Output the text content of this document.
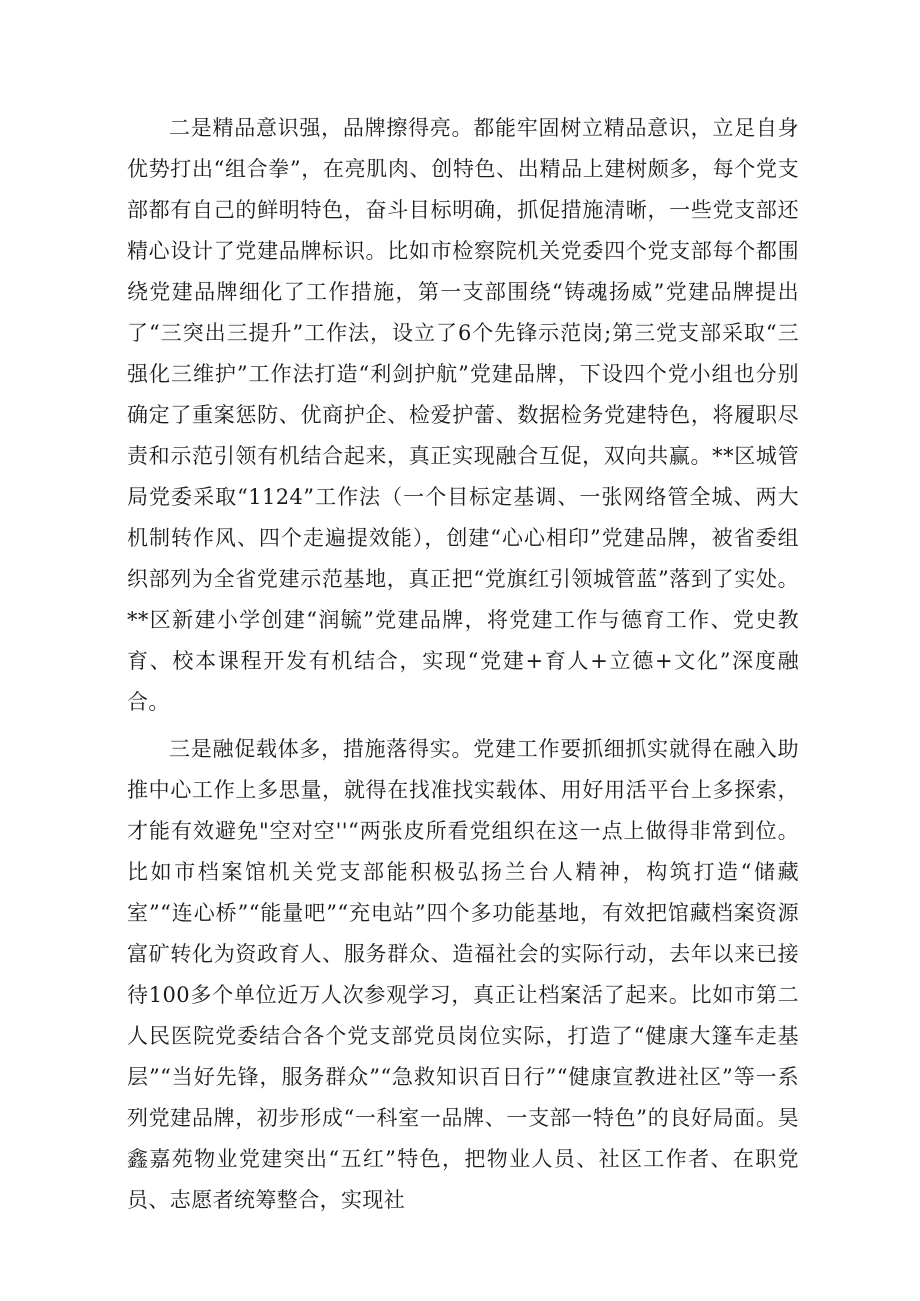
二是精品意识强，品牌擦得亮。都能牢固树立精品意识，立足自身优势打出“组合拳”，在亮肌肉、创特色、出精品上建树颇多，每个党支部都有自己的鲜明特色，奋斗目标明确，抓促措施清晰，一些党支部还精心设计了党建品牌标识。比如市检察院机关党委四个党支部每个都围绕党建品牌细化了工作措施，第一支部围绕“铸魂扬威”党建品牌提出了“三突出三提升”工作法，设立了6个先锋示范岗;第三党支部采取“三强化三维护”工作法打造“利剑护航”党建品牌，下设四个党小组也分别确定了重案惩防、优商护企、检爱护蕾、数据检务党建特色，将履职尽责和示范引领有机结合起来，真正实现融合互促，双向共赢。**区城管局党委采取“1124”工作法（一个目标定基调、一张网络管全城、两大机制转作风、四个走遍提效能），创建“心心相印”党建品牌，被省委组织部列为全省党建示范基地，真正把“党旗红引领城管蓝”落到了实处。**区新建小学创建“润毓”党建品牌，将党建工作与德育工作、党史教育、校本课程开发有机结合，实现“党建+育人+立德+文化”深度融合。

三是融促载体多，措施落得实。党建工作要抓细抓实就得在融入助推中心工作上多思量，就得在找准找实载体、用好用活平台上多探索，才能有效避免"空对空''“两张皮所看党组织在这一点上做得非常到位。比如市档案馆机关党支部能积极弘扬兰台人精神，构筑打造“储藏室”“连心桥”“能量吧”“充电站”四个多功能基地，有效把馆藏档案资源富矿转化为资政育人、服务群众、造福社会的实际行动，去年以来已接待100多个单位近万人次参观学习，真正让档案活了起来。比如市第二人民医院党委结合各个党支部党员岗位实际，打造了“健康大篷车走基层”“当好先锋，服务群众”“急救知识百日行”“健康宣教进社区”等一系列党建品牌，初步形成“一科室一品牌、一支部一特色”的良好局面。昊鑫嘉苑物业党建突出“五红”特色，把物业人员、社区工作者、在职党员、志愿者统筹整合，实现社
